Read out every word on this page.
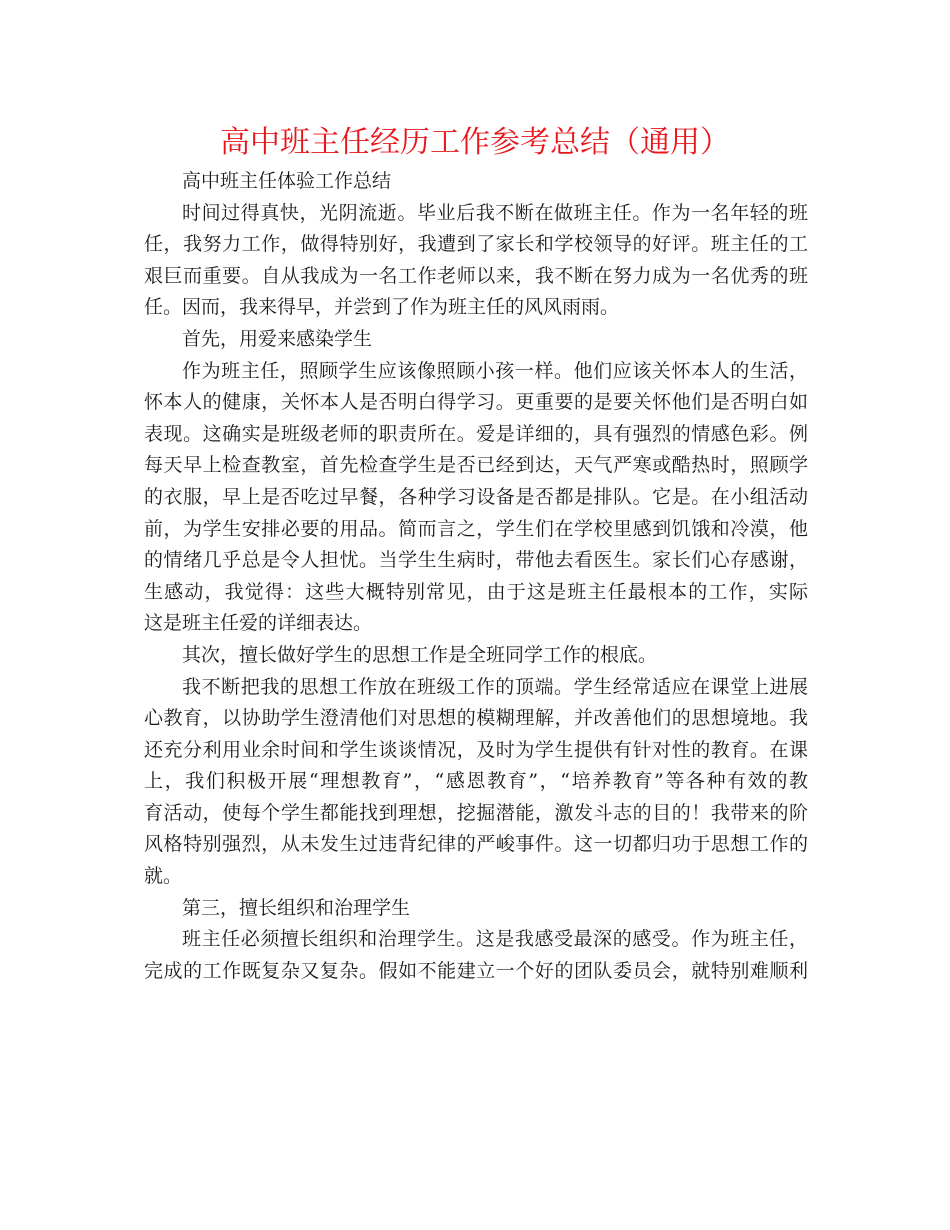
高中班主任经历工作参考总结（通用）
高中班主任体验工作总结
时间过得真快，光阴流逝。毕业后我不断在做班主任。作为一名年轻的班
任，我努力工作，做得特别好，我遭到了家长和学校领导的好评。班主任的工
艰巨而重要。自从我成为一名工作老师以来，我不断在努力成为一名优秀的班
任。因而，我来得早，并尝到了作为班主任的风风雨雨。
首先，用爱来感染学生
作为班主任，照顾学生应该像照顾小孩一样。他们应该关怀本人的生活，
怀本人的健康，关怀本人是否明白得学习。更重要的是要关怀他们是否明白如
表现。这确实是班级老师的职责所在。爱是详细的，具有强烈的情感色彩。例
每天早上检查教室，首先检查学生是否已经到达，天气严寒或酷热时，照顾学
的衣服，早上是否吃过早餐，各种学习设备是否都是排队。它是。在小组活动
前，为学生安排必要的用品。简而言之，学生们在学校里感到饥饿和冷漠，他
的情绪几乎总是令人担忧。当学生生病时，带他去看医生。家长们心存感谢，
生感动，我觉得：这些大概特别常见，由于这是班主任最根本的工作，实际
这是班主任爱的详细表达。
其次，擅长做好学生的思想工作是全班同学工作的根底。
我不断把我的思想工作放在班级工作的顶端。学生经常适应在课堂上进展
心教育，以协助学生澄清他们对思想的模糊理解，并改善他们的思想境地。我
还充分利用业余时间和学生谈谈情况，及时为学生提供有针对性的教育。在课
上，我们积极开展“理想教育”，“感恩教育”，“培养教育”等各种有效的教
育活动，使每个学生都能找到理想，挖掘潜能，激发斗志的目的！我带来的阶
风格特别强烈，从未发生过违背纪律的严峻事件。这一切都归功于思想工作的
就。
第三，擅长组织和治理学生
班主任必须擅长组织和治理学生。这是我感受最深的感受。作为班主任，
完成的工作既复杂又复杂。假如不能建立一个好的团队委员会，就特别难顺利
